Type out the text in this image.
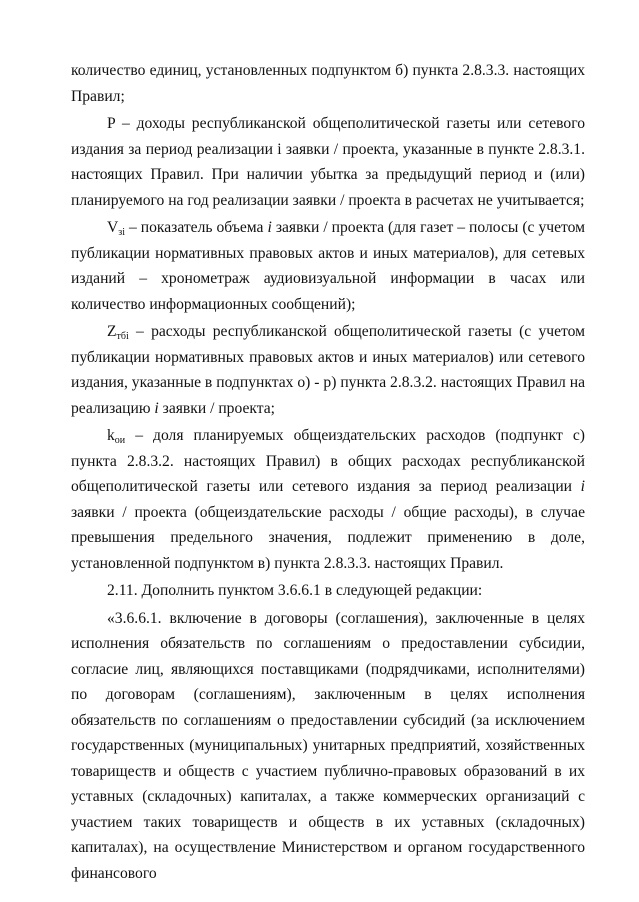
количество единиц, установленных подпунктом б) пункта 2.8.3.3. настоящих Правил;

P – доходы республиканской общеполитической газеты или сетевого издания за период реализации i заявки / проекта, указанные в пункте 2.8.3.1. настоящих Правил. При наличии убытка за предыдущий период и (или) планируемого на год реализации заявки / проекта в расчетах не учитывается;

$V_{зi}$ – показатель объема i заявки / проекта (для газет – полосы (с учетом публикации нормативных правовых актов и иных материалов), для сетевых изданий – хронометраж аудиовизуальной информации в часах или количество информационных сообщений);

$Z_{тбi}$ – расходы республиканской общеполитической газеты (с учетом публикации нормативных правовых актов и иных материалов) или сетевого издания, указанные в подпунктах о) - р) пункта 2.8.3.2. настоящих Правил на реализацию i заявки / проекта;

$k_{ои}$ – доля планируемых общеиздательских расходов (подпункт с) пункта 2.8.3.2. настоящих Правил) в общих расходах республиканской общеполитической газеты или сетевого издания за период реализации i заявки / проекта (общеиздательские расходы / общие расходы), в случае превышения предельного значения, подлежит применению в доле, установленной подпунктом в) пункта 2.8.3.3. настоящих Правил.

2.11. Дополнить пунктом 3.6.6.1 в следующей редакции:

«3.6.6.1. включение в договоры (соглашения), заключенные в целях исполнения обязательств по соглашениям о предоставлении субсидии, согласие лиц, являющихся поставщиками (подрядчиками, исполнителями) по договорам (соглашениям), заключенным в целях исполнения обязательств по соглашениям о предоставлении субсидий (за исключением государственных (муниципальных) унитарных предприятий, хозяйственных товариществ и обществ с участием публично-правовых образований в их уставных (складочных) капиталах, а также коммерческих организаций с участием таких товариществ и обществ в их уставных (складочных) капиталах), на осуществление Министерством и органом государственного финансового
